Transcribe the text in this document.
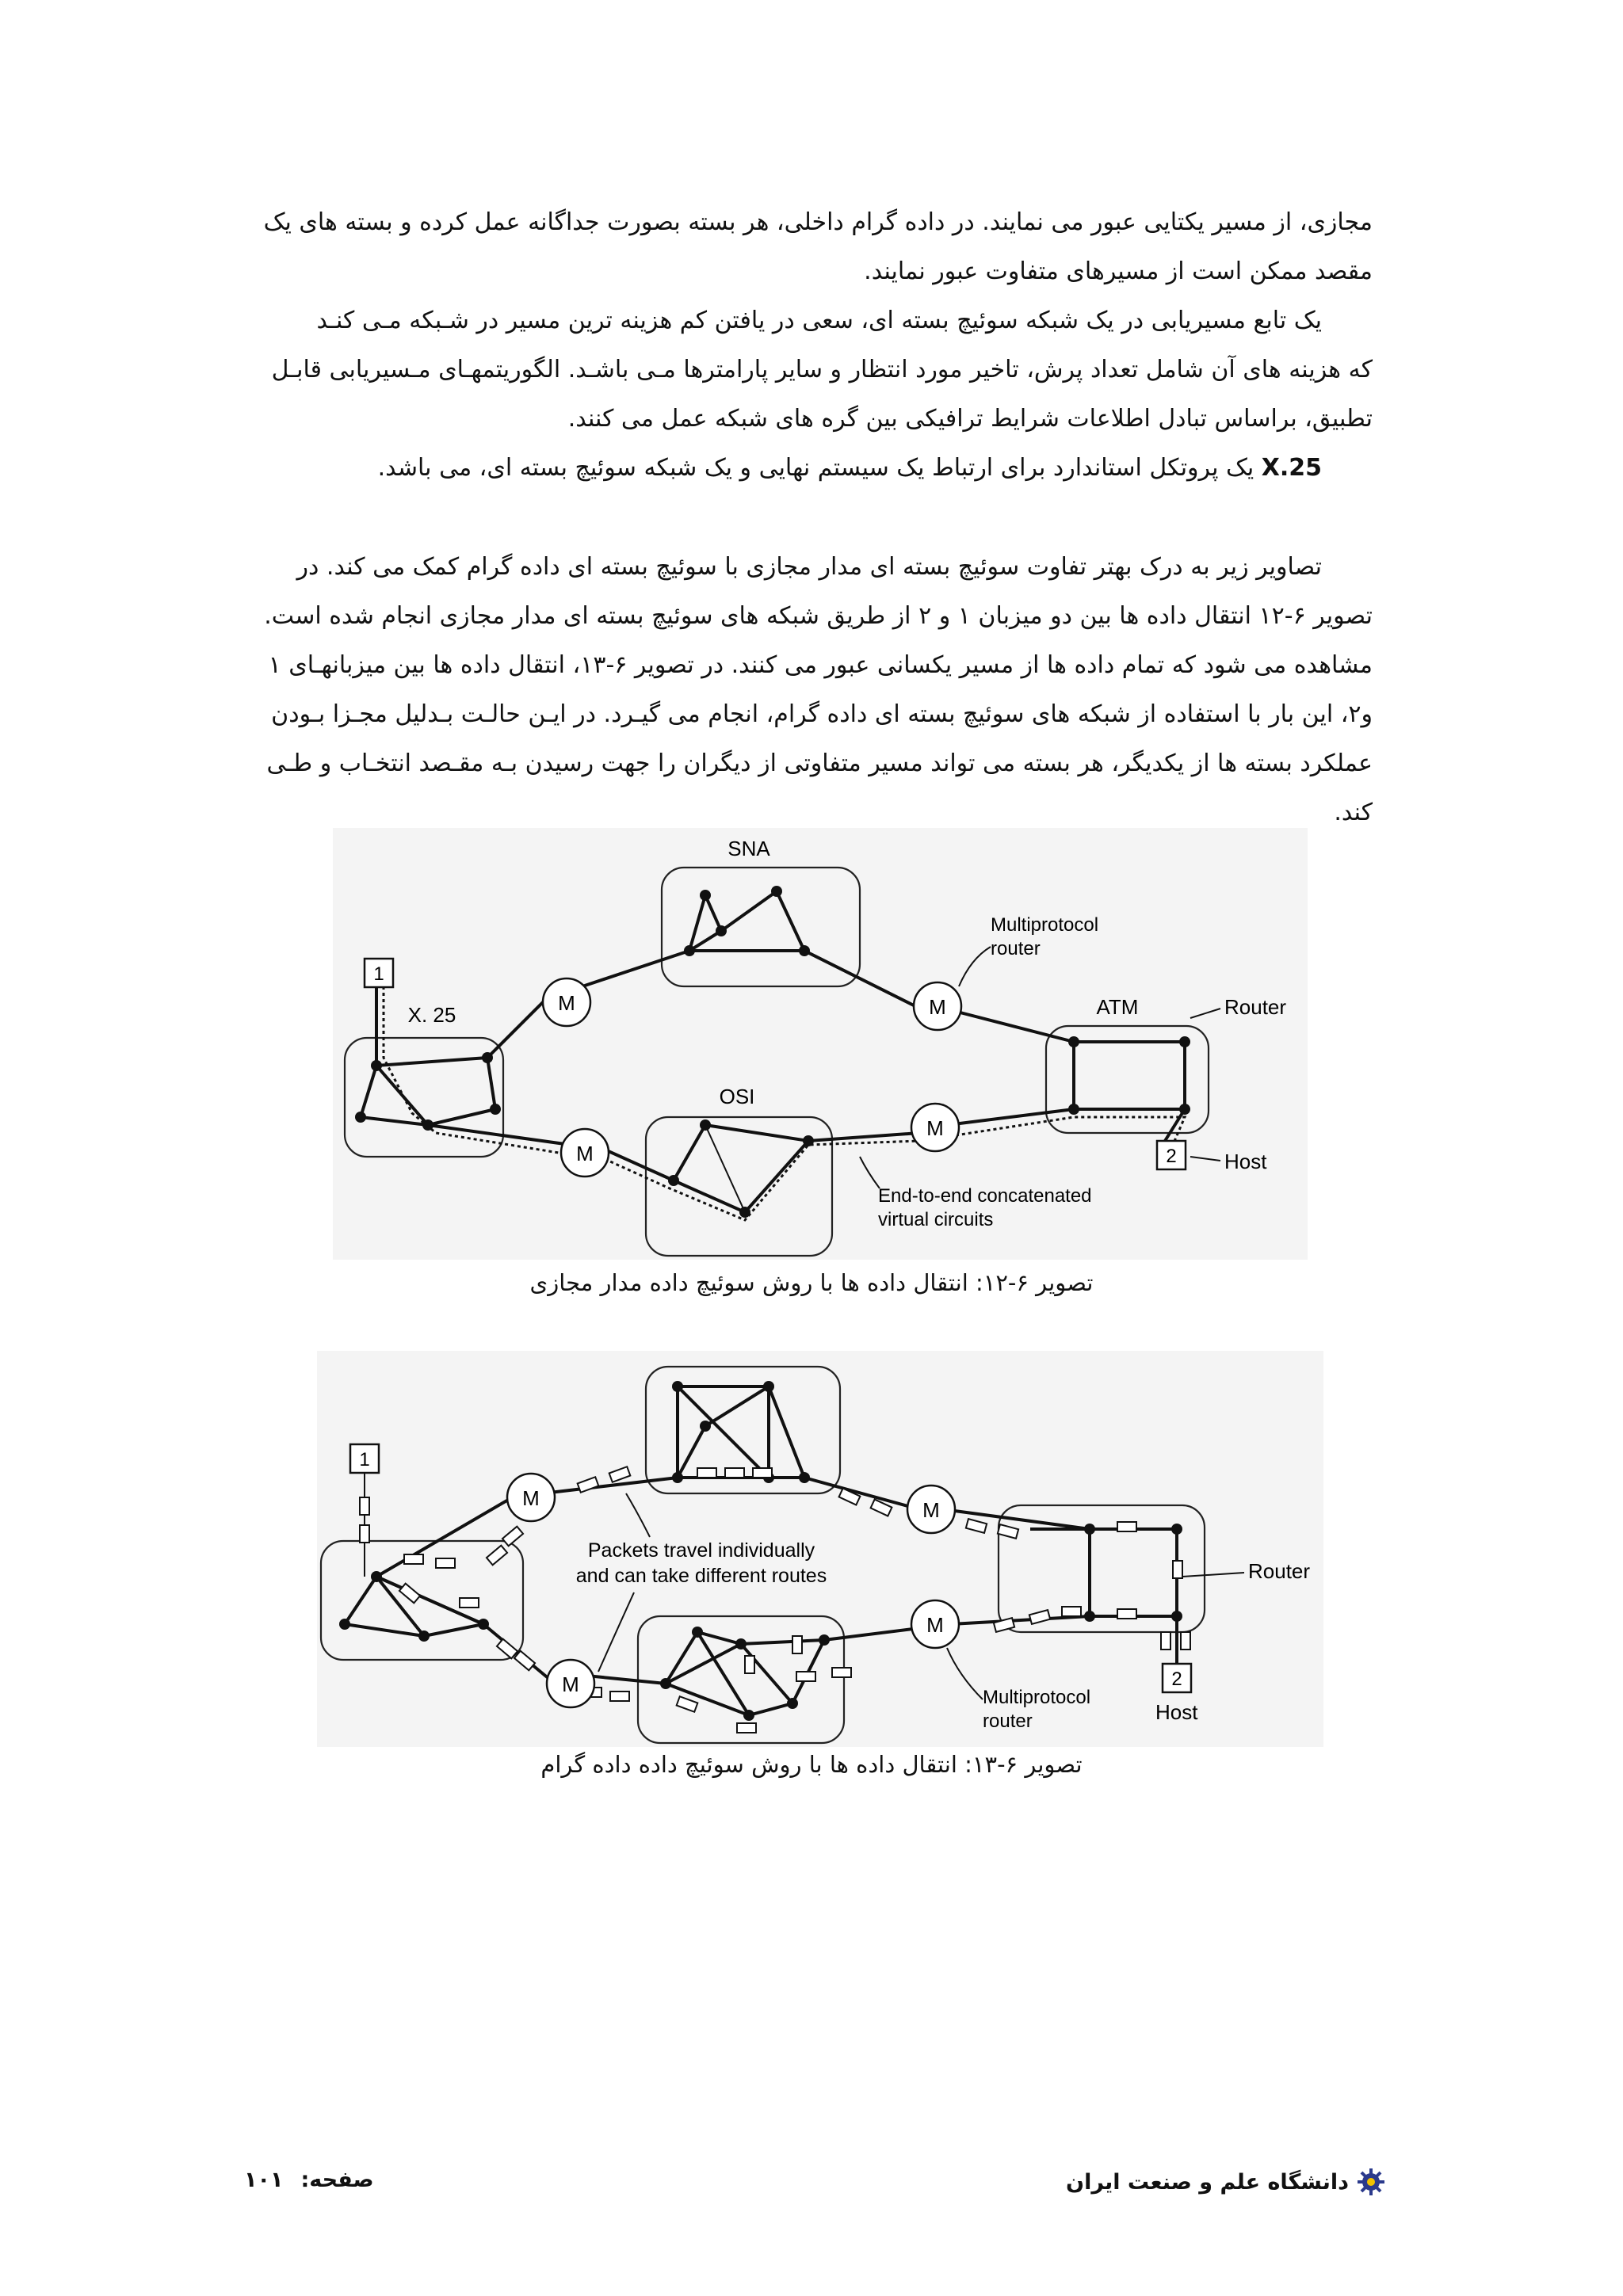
مجازی، از مسیر یکتایی عبور می نمایند. در داده گرام داخلی، هر بسته بصورت جداگانه عمل کرده و بسته های یک
مقصد ممکن است از مسیرهای متفاوت عبور نمایند.
یک تابع مسیریابی در یک شبکه سوئیچ بسته ای، سعی در یافتن کم هزینه ترین مسیر در شـبکه مـی کنـد
که هزینه های آن شامل تعداد پرش، تاخیر مورد انتظار و سایر پارامترها مـی باشـد. الگوریتمهـای مـسیریابی قابـل
تطبیق، براساس تبادل اطلاعات شرایط ترافیکی بین گره های شبکه عمل می کنند.
X.25 یک پروتکل استاندارد برای ارتباط یک سیستم نهایی و یک شبکه سوئیچ بسته ای، می باشد.
تصاویر زیر به درک بهتر تفاوت سوئیچ بسته ای مدار مجازی با سوئیچ بسته ای داده گرام کمک می کند. در
تصویر ۶-۱۲ انتقال داده ها بین دو میزبان ۱ و ۲ از طریق شبکه های سوئیچ بسته ای مدار مجازی انجام شده است.
مشاهده می شود که تمام داده ها از مسیر یکسانی عبور می کنند. در تصویر ۶-۱۳، انتقال داده ها بین میزبانهـای ۱
و۲، این بار با استفاده از شبکه های سوئیچ بسته ای داده گرام، انجام می گیـرد. در ایـن حالـت بـدلیل مجـزا بـودن
عملکرد بسته ها از یکدیگر، هر بسته می تواند مسیر متفاوتی از دیگران را جهت رسیدن بـه مقـصد انتخـاب و طـی
کند.
M	M
M
M
1
2
X. 25
SNA
OSI
ATM
Multiprotocol
router
Router
Host
End-to-end concatenated
virtual circuits
تصویر ۶-۱۲: انتقال داده ها با روش سوئیچ داده مدار مجازی
M	M
M
M
1
2
Packets travel individually
and can take different routes
Multiprotocol
router
Router
Host
تصویر ۶-۱۳: انتقال داده ها با روش سوئیچ داده داده گرام
دانشگاه علم و صنعت ایران
صفحه:
۱۰۱
